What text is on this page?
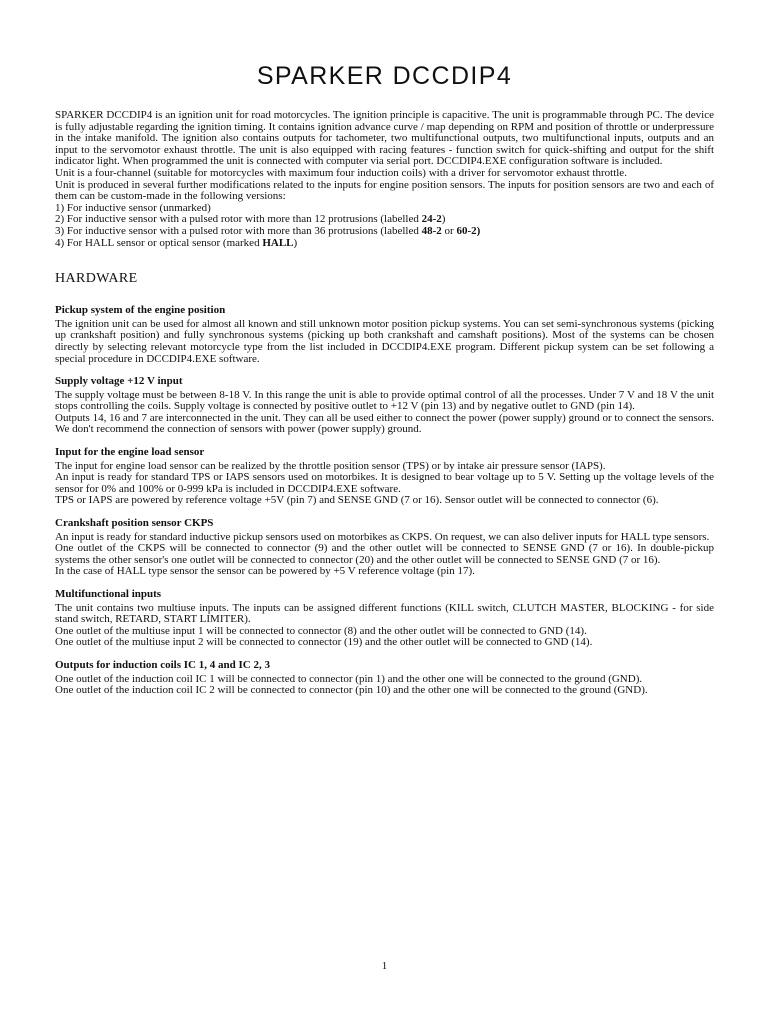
SPARKER DCCDIP4

SPARKER DCCDIP4 is an ignition unit for road motorcycles. The ignition principle is capacitive. The unit is programmable through PC. The device is fully adjustable regarding the ignition timing. It contains ignition advance curve / map depending on RPM and position of throttle or underpressure in the intake manifold. The ignition also contains outputs for tachometer, two multifunctional outputs, two multifunctional inputs, outputs and an input to the servomotor exhaust throttle. The unit is also equipped with racing features - function switch for quick-shifting and output for the shift indicator light. When programmed the unit is connected with computer via serial port. DCCDIP4.EXE configuration software is included.

Unit is a four-channel (suitable for motorcycles with maximum four induction coils) with a driver for servomotor exhaust throttle.

Unit is produced in several further modifications related to the inputs for engine position sensors. The inputs for position sensors are two and each of them can be custom-made in the following versions:

1) For inductive sensor (unmarked)

2) For inductive sensor with a pulsed rotor with more than 12 protrusions (labelled 24-2)

3) For inductive sensor with a pulsed rotor with more than 36 protrusions (labelled 48-2 or 60-2)

4) For HALL sensor or optical sensor (marked HALL)

HARDWARE
Pickup system of the engine position

The ignition unit can be used for almost all known and still unknown motor position pickup systems. You can set semi-synchronous systems (picking up crankshaft position) and fully synchronous systems (picking up both crankshaft and camshaft positions). Most of the systems can be chosen directly by selecting relevant motorcycle type from the list included in DCCDIP4.EXE program. Different pickup system can be set following a special procedure in DCCDIP4.EXE software.

Supply voltage +12 V input

The supply voltage must be between 8-18 V. In this range the unit is able to provide optimal control of all the processes. Under 7 V and 18 V the unit stops controlling the coils. Supply voltage is connected by positive outlet to +12 V (pin 13) and by negative outlet to GND (pin 14).

Outputs 14, 16 and 7 are interconnected in the unit. They can all be used either to connect the power (power supply) ground or to connect the sensors. We don't recommend the connection of sensors with power (power supply) ground.

Input for the engine load sensor

The input for engine load sensor can be realized by the throttle position sensor (TPS) or by intake air pressure sensor (IAPS).

An input is ready for standard TPS or IAPS sensors used on motorbikes. It is designed to bear voltage up to 5 V. Setting up the voltage levels of the sensor for 0% and 100% or 0-999 kPa is included in DCCDIP4.EXE software.

TPS or IAPS are powered by reference voltage +5V (pin 7) and SENSE GND (7 or 16). Sensor outlet will be connected to connector (6).

Crankshaft position sensor CKPS

An input is ready for standard inductive pickup sensors used on motorbikes as CKPS. On request, we can also deliver inputs for HALL type sensors.

One outlet of the CKPS will be connected to connector (9) and the other outlet will be connected to SENSE GND (7 or 16). In double-pickup systems the other sensor's one outlet will be connected to connector (20) and the other outlet will be connected to SENSE GND (7 or 16).

In the case of HALL type sensor the sensor can be powered by +5 V reference voltage (pin 17).

Multifunctional inputs

The unit contains two multiuse inputs. The inputs can be assigned different functions (KILL switch, CLUTCH MASTER, BLOCKING - for side stand switch, RETARD, START LIMITER).

One outlet of the multiuse input 1 will be connected to connector (8) and the other outlet will be connected to GND (14).

One outlet of the multiuse input 2 will be connected to connector (19) and the other outlet will be connected to GND (14).

Outputs for induction coils IC 1, 4 and IC 2, 3

One outlet of the induction coil IC 1 will be connected to connector (pin 1) and the other one will be connected to the ground (GND).

One outlet of the induction coil IC 2 will be connected to connector (pin 10) and the other one will be connected to the ground (GND).

1
